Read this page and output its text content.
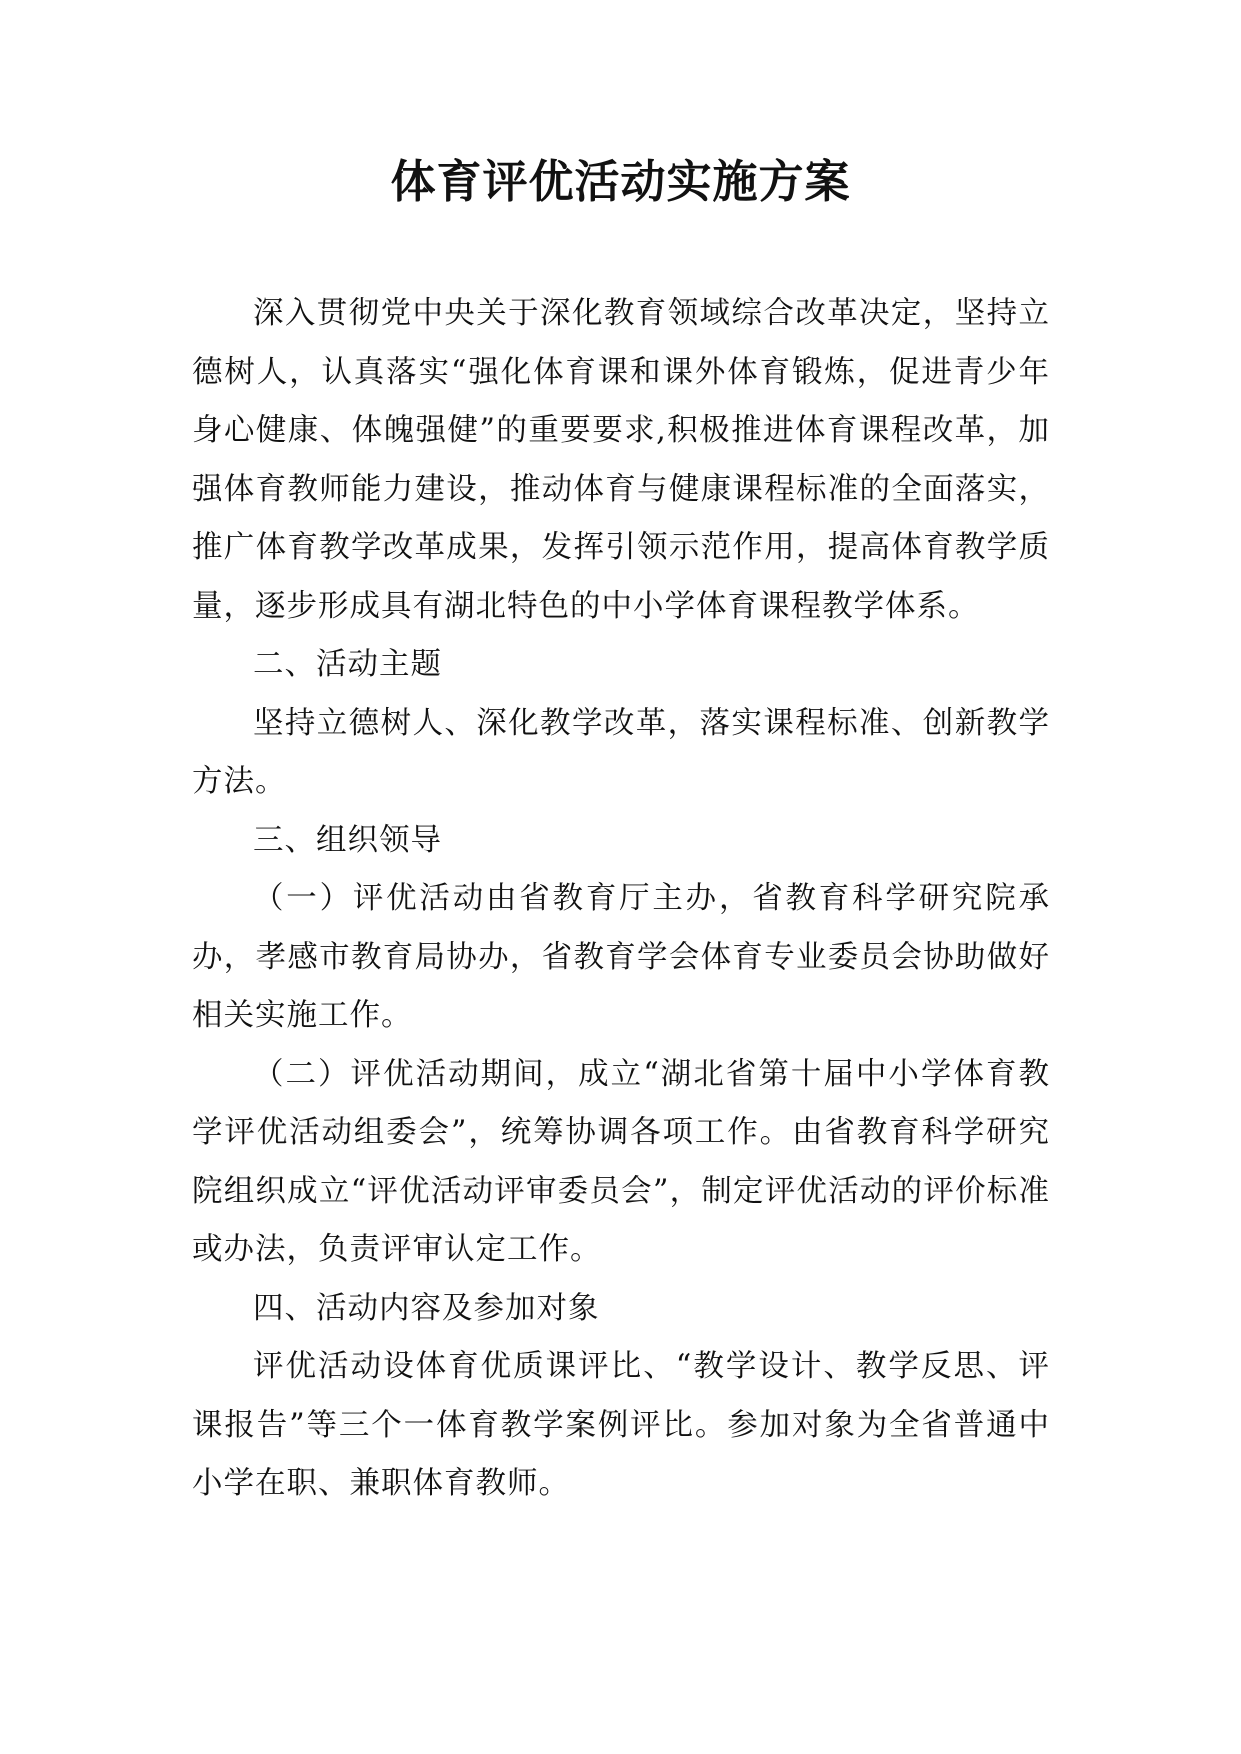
体育评优活动实施方案

深入贯彻党中央关于深化教育领域综合改革决定，坚持立德树人，认真落实“强化体育课和课外体育锻炼，促进青少年身心健康、体魄强健”的重要要求,积极推进体育课程改革，加强体育教师能力建设，推动体育与健康课程标准的全面落实，推广体育教学改革成果，发挥引领示范作用，提高体育教学质量，逐步形成具有湖北特色的中小学体育课程教学体系。

二、活动主题

坚持立德树人、深化教学改革，落实课程标准、创新教学方法。

三、组织领导

（一）评优活动由省教育厅主办，省教育科学研究院承办，孝感市教育局协办，省教育学会体育专业委员会协助做好相关实施工作。

（二）评优活动期间，成立“湖北省第十届中小学体育教学评优活动组委会”，统筹协调各项工作。由省教育科学研究院组织成立“评优活动评审委员会”，制定评优活动的评价标准或办法，负责评审认定工作。

四、活动内容及参加对象

评优活动设体育优质课评比、“教学设计、教学反思、评课报告”等三个一体育教学案例评比。参加对象为全省普通中小学在职、兼职体育教师。
